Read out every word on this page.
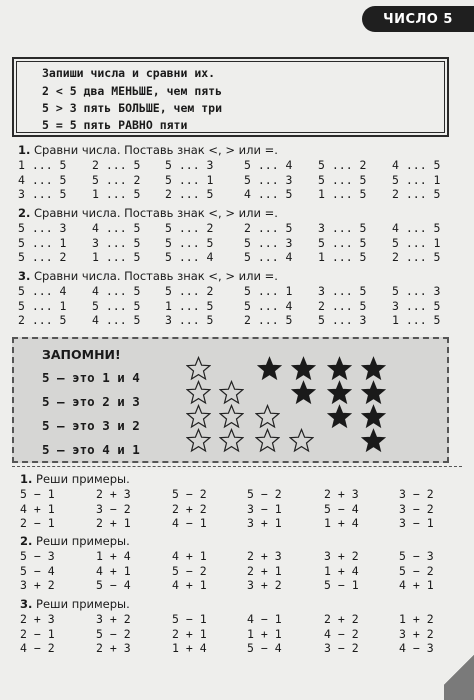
ЧИСЛО 5
Запиши числа и сравни их.
2 < 5 два МЕНЬШЕ, чем пять
5 > 3 пять БОЛЬШЕ, чем три
5 = 5 пять РАВНО пяти
1. Сравни числа. Поставь знак <, > или =.
1 ... 5 2 ... 5 5 ... 3	5 ... 4 5 ... 2 4 ... 5
4 ... 5 5 ... 2 5 ... 1	5 ... 3 5 ... 5 5 ... 1
3 ... 5 1 ... 5 2 ... 5	4 ... 5 1 ... 5 2 ... 5
2. Сравни числа. Поставь знак <, > или =.
5 ... 3 4 ... 5 5 ... 2	2 ... 5 3 ... 5 4 ... 5
5 ... 1 3 ... 5 5 ... 5	5 ... 3 5 ... 5 5 ... 1
5 ... 2 1 ... 5 5 ... 4	5 ... 4 1 ... 5 2 ... 5
3. Сравни числа. Поставь знак <, > или =.
5 ... 4 4 ... 5 5 ... 2	5 ... 1 3 ... 5 5 ... 3
5 ... 1 5 ... 5 1 ... 5	5 ... 4 2 ... 5 3 ... 5
2 ... 5 4 ... 5 3 ... 5	2 ... 5 5 ... 3 1 ... 5
ЗАПОМНИ!
5 — это 1 и 4
5 — это 2 и 3
5 — это 3 и 2
5 — это 4 и 1
1. Реши примеры.
5 − 1	2 + 3	5 − 2	5 − 2	2 + 3	3 − 2
4 + 1	3 − 2	2 + 2	3 − 1	5 − 4	3 − 2
2 − 1	2 + 1	4 − 1	3 + 1	1 + 4	3 − 1
2. Реши примеры.
5 − 3	1 + 4	4 + 1	2 + 3	3 + 2	5 − 3
5 − 4	4 + 1	5 − 2	2 + 1	1 + 4	5 − 2
3 + 2	5 − 4	4 + 1	3 + 2	5 − 1	4 + 1
3. Реши примеры.
2 + 3	3 + 2	5 − 1	4 − 1	2 + 2	1 + 2
2 − 1	5 − 2	2 + 1	1 + 1	4 − 2	3 + 2
4 − 2	2 + 3	1 + 4	5 − 4	3 − 2	4 − 3
